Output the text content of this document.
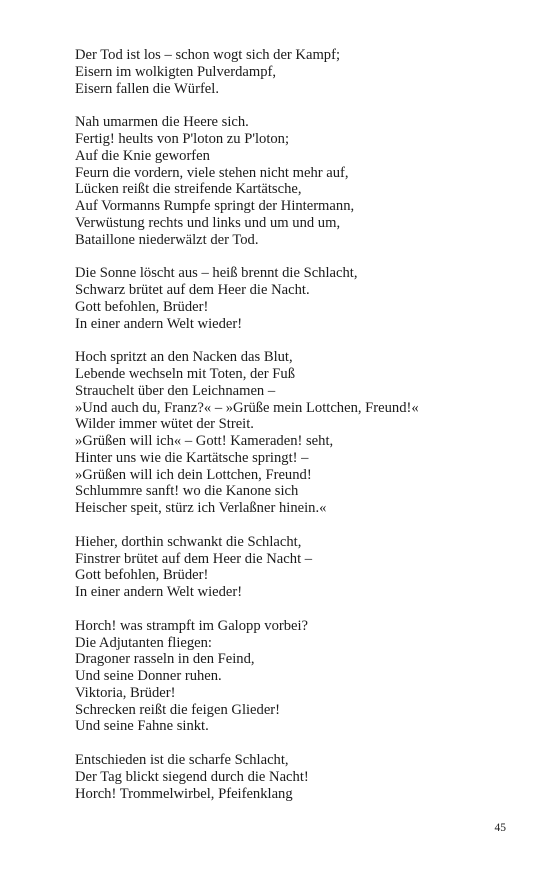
Der Tod ist los – schon wogt sich der Kampf;
Eisern im wolkigten Pulverdampf,
Eisern fallen die Würfel.
Nah umarmen die Heere sich.
Fertig! heults von P'loton zu P'loton;
Auf die Knie geworfen
Feurn die vordern, viele stehen nicht mehr auf,
Lücken reißt die streifende Kartätsche,
Auf Vormanns Rumpfe springt der Hintermann,
Verwüstung rechts und links und um und um,
Bataillone niederwälzt der Tod.
Die Sonne löscht aus – heiß brennt die Schlacht,
Schwarz brütet auf dem Heer die Nacht.
Gott befohlen, Brüder!
In einer andern Welt wieder!
Hoch spritzt an den Nacken das Blut,
Lebende wechseln mit Toten, der Fuß
Strauchelt über den Leichnamen –
»Und auch du, Franz?« – »Grüße mein Lottchen, Freund!«
Wilder immer wütet der Streit.
»Grüßen will ich« – Gott! Kameraden! seht,
Hinter uns wie die Kartätsche springt! –
»Grüßen will ich dein Lottchen, Freund!
Schlummre sanft! wo die Kanone sich
Heischer speit, stürz ich Verlaßner hinein.«
Hieher, dorthin schwankt die Schlacht,
Finstrer brütet auf dem Heer die Nacht –
Gott befohlen, Brüder!
In einer andern Welt wieder!
Horch! was strampft im Galopp vorbei?
Die Adjutanten fliegen:
Dragoner rasseln in den Feind,
Und seine Donner ruhen.
Viktoria, Brüder!
Schrecken reißt die feigen Glieder!
Und seine Fahne sinkt.
Entschieden ist die scharfe Schlacht,
Der Tag blickt siegend durch die Nacht!
Horch! Trommelwirbel, Pfeifenklang
45
